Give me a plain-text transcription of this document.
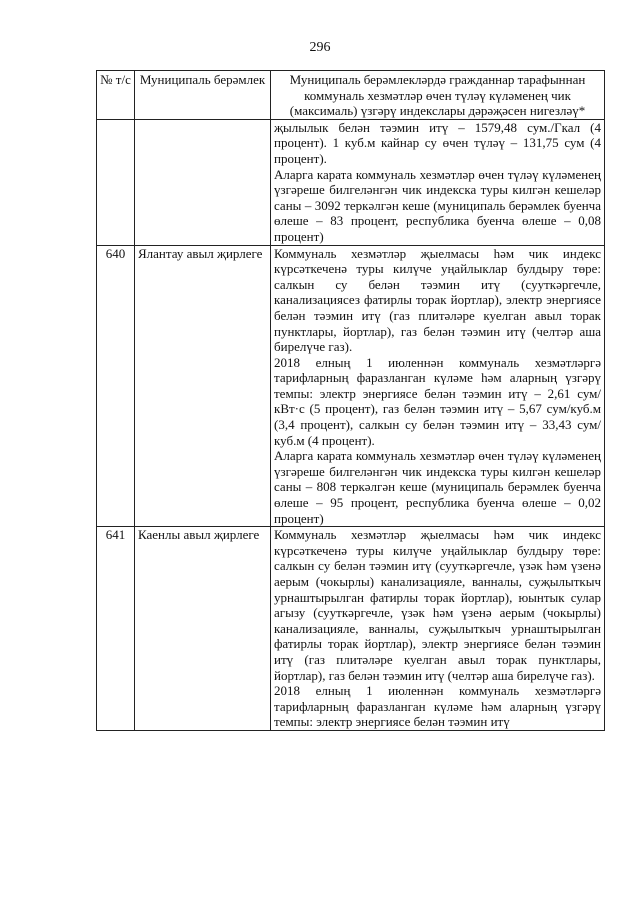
296
№ т/с	Муниципаль берәмлек	Муниципаль берәмлекләрдә гражданнар тарафыннан коммуналь хезмәтләр өчен түләү күләменең чик (максималь) үзгәрү индекслары дәрәҗәсен нигезләү*

		җылылык белән тәэмин итү – 1579,48 сум./Гкал (4 процент). 1 куб.м кайнар су өчен түләү – 131,75 сум (4 процент).

Аларга карата коммуналь хезмәтләр өчен түләү күләменең үзгәреше билгеләнгән чик индекска туры килгән кешеләр саны – 3092 теркәлгән кеше (муниципаль берәмлек буенча өлеше – 83 процент, республика буенча өлеше – 0,08 процент)

640	Ялантау авыл җирлеге	Коммуналь хезмәтләр җыелмасы һәм чик индекс күрсәткеченә туры килүче уңайлыклар булдыру төре: салкын су белән тәэмин итү (сууткәргечле, канализациясез фатирлы торак йортлар), электр энергиясе белән тәэмин итү (газ плитәләре куелган авыл торак пунктлары, йортлар), газ белән тәэмин итү (челтәр аша бирелүче газ).

2018 елның 1 июленнән коммуналь хезмәтләргә тарифларның фаразланган күләме һәм аларның үзгәрү темпы: электр энергиясе белән тәэмин итү – 2,61 сум/кВт·с (5 процент), газ белән тәэмин итү – 5,67 сум/куб.м (3,4 процент), салкын су белән тәэмин итү – 33,43 сум/куб.м (4 процент).

Аларга карата коммуналь хезмәтләр өчен түләү күләменең үзгәреше билгеләнгән чик индекска туры килгән кешеләр саны – 808 теркәлгән кеше (муниципаль берәмлек буенча өлеше – 95 процент, республика буенча өлеше – 0,02 процент)

641	Каенлы авыл җирлеге	Коммуналь хезмәтләр җыелмасы һәм чик индекс күрсәткеченә туры килүче уңайлыклар булдыру төре: салкын су белән тәэмин итү (сууткәргечле, үзәк һәм үзенә аерым (чокырлы) канализацияле, ванналы, суҗылыткыч урнаштырылган фатирлы торак йортлар), юынтык сулар агызу (сууткәргечле, үзәк һәм үзенә аерым (чокырлы) канализацияле, ванналы, суҗылыткыч урнаштырылган фатирлы торак йортлар), электр энергиясе белән тәэмин итү (газ плитәләре куелган авыл торак пунктлары, йортлар), газ белән тәэмин итү (челтәр аша бирелүче газ).

2018 елның 1 июленнән коммуналь хезмәтләргә тарифларның фаразланган күләме һәм аларның үзгәрү темпы: электр энергиясе белән тәэмин итү
